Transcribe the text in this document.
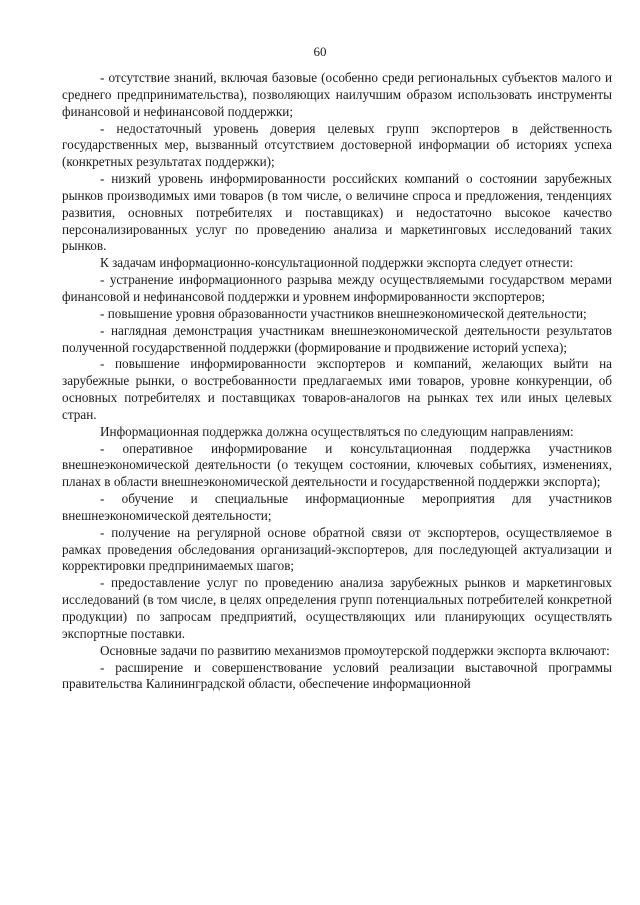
60

- отсутствие знаний, включая базовые (особенно среди региональных субъектов малого и среднего предпринимательства), позволяющих наилучшим образом использовать инструменты финансовой и нефинансовой поддержки;

- недостаточный уровень доверия целевых групп экспортеров в действенность государственных мер, вызванный отсутствием достоверной информации об историях успеха (конкретных результатах поддержки);

- низкий уровень информированности российских компаний о состоянии зарубежных рынков производимых ими товаров (в том числе, о величине спроса и предложения, тенденциях развития, основных потребителях и поставщиках) и недостаточно высокое качество персонализированных услуг по проведению анализа и маркетинговых исследований таких рынков.

К задачам информационно-консультационной поддержки экспорта следует отнести:

- устранение информационного разрыва между осуществляемыми государством мерами финансовой и нефинансовой поддержки и уровнем информированности экспортеров;

- повышение уровня образованности участников внешнеэкономической деятельности;

- наглядная демонстрация участникам внешнеэкономической деятельности результатов полученной государственной поддержки (формирование и продвижение историй успеха);

- повышение информированности экспортеров и компаний, желающих выйти на зарубежные рынки, о востребованности предлагаемых ими товаров, уровне конкуренции, об основных потребителях и поставщиках товаров-аналогов на рынках тех или иных целевых стран.

Информационная поддержка должна осуществляться по следующим направлениям:

- оперативное информирование и консультационная поддержка участников внешнеэкономической деятельности (о текущем состоянии, ключевых событиях, изменениях, планах в области внешнеэкономической деятельности и государственной поддержки экспорта);

- обучение и специальные информационные мероприятия для участников внешнеэкономической деятельности;

- получение на регулярной основе обратной связи от экспортеров, осуществляемое в рамках проведения обследования организаций-экспортеров, для последующей актуализации и корректировки предпринимаемых шагов;

- предоставление услуг по проведению анализа зарубежных рынков и маркетинговых исследований (в том числе, в целях определения групп потенциальных потребителей конкретной продукции) по запросам предприятий, осуществляющих или планирующих осуществлять экспортные поставки.

Основные задачи по развитию механизмов промоутерской поддержки экспорта включают:

- расширение и совершенствование условий реализации выставочной программы правительства Калининградской области, обеспечение информационной
